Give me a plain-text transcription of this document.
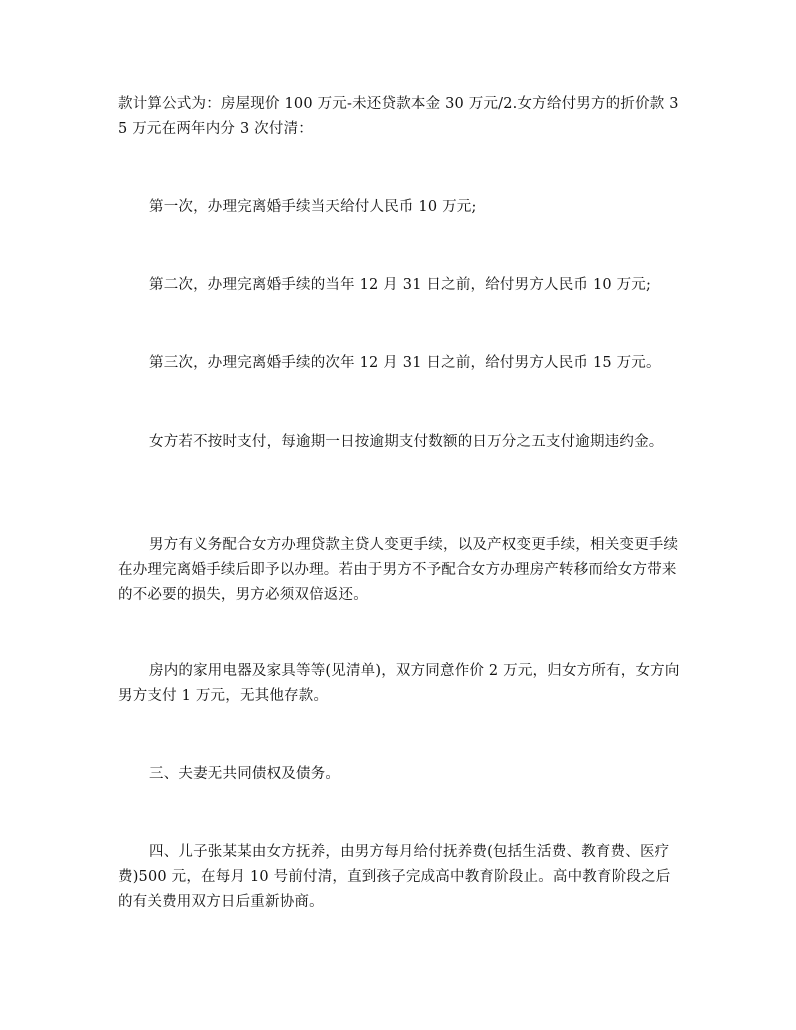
款计算公式为：房屋现价 100 万元-未还贷款本金 30 万元/2.女方给付男方的折价款 35 万元在两年内分 3 次付清：

第一次，办理完离婚手续当天给付人民币 10 万元;

第二次，办理完离婚手续的当年 12 月 31 日之前，给付男方人民币 10 万元;

第三次，办理完离婚手续的次年 12 月 31 日之前，给付男方人民币 15 万元。

女方若不按时支付，每逾期一日按逾期支付数额的日万分之五支付逾期违约金。

男方有义务配合女方办理贷款主贷人变更手续，以及产权变更手续，相关变更手续在办理完离婚手续后即予以办理。若由于男方不予配合女方办理房产转移而给女方带来的不必要的损失，男方必须双倍返还。

房内的家用电器及家具等等(见清单)，双方同意作价 2 万元，归女方所有，女方向男方支付 1 万元，无其他存款。

三、夫妻无共同债权及债务。

四、儿子张某某由女方抚养，由男方每月给付抚养费(包括生活费、教育费、医疗费)500 元，在每月 10 号前付清，直到孩子完成高中教育阶段止。高中教育阶段之后的有关费用双方日后重新协商。
